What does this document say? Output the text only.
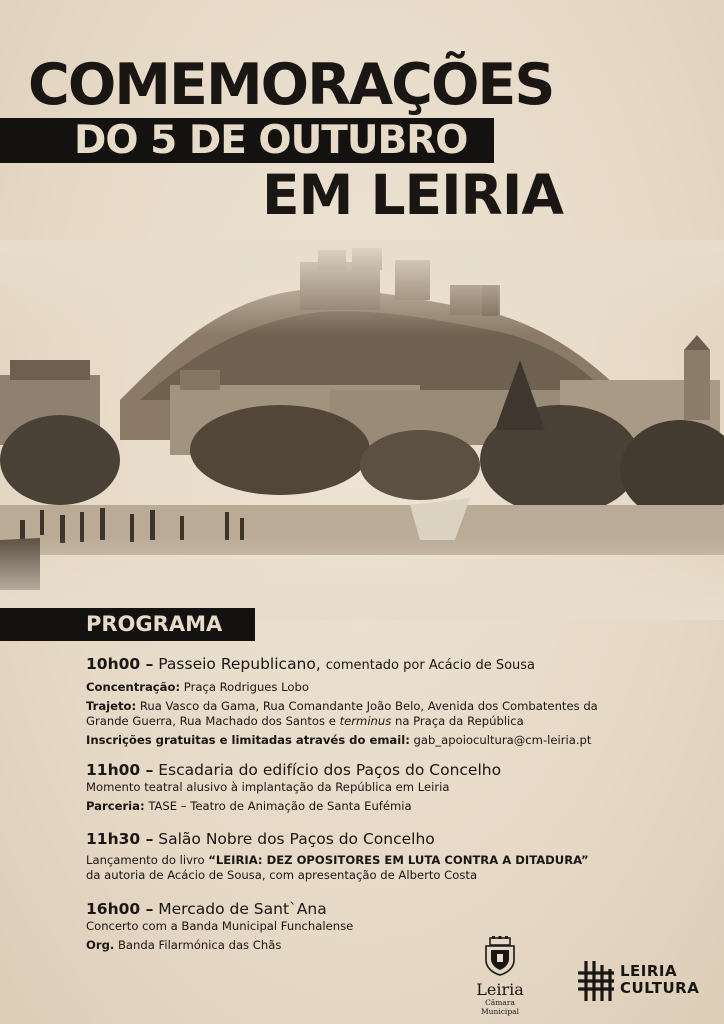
COMEMORAÇÕES
DO 5 DE OUTUBRO
EM LEIRIA
PROGRAMA
10h00 – Passeio Republicano, comentado por Acácio de Sousa
Concentração: Praça Rodrigues Lobo
Trajeto: Rua Vasco da Gama, Rua Comandante João Belo, Avenida dos Combatentes da
Grande Guerra, Rua Machado dos Santos e terminus na Praça da República
Inscrições gratuitas e limitadas através do email: gab_apoiocultura@cm-leiria.pt
11h00 – Escadaria do edifício dos Paços do Concelho
Momento teatral alusivo à implantação da República em Leiria
Parceria: TASE – Teatro de Animação de Santa Eufémia
11h30 – Salão Nobre dos Paços do Concelho
Lançamento do livro “LEIRIA: DEZ OPOSITORES EM LUTA CONTRA A DITADURA”
da autoria de Acácio de Sousa, com apresentação de Alberto Costa
16h00 – Mercado de Sant`Ana
Concerto com a Banda Municipal Funchalense
Org. Banda Filarmónica das Chãs
Leiria
Câmara Municipal
LEIRIA
CULTURA
